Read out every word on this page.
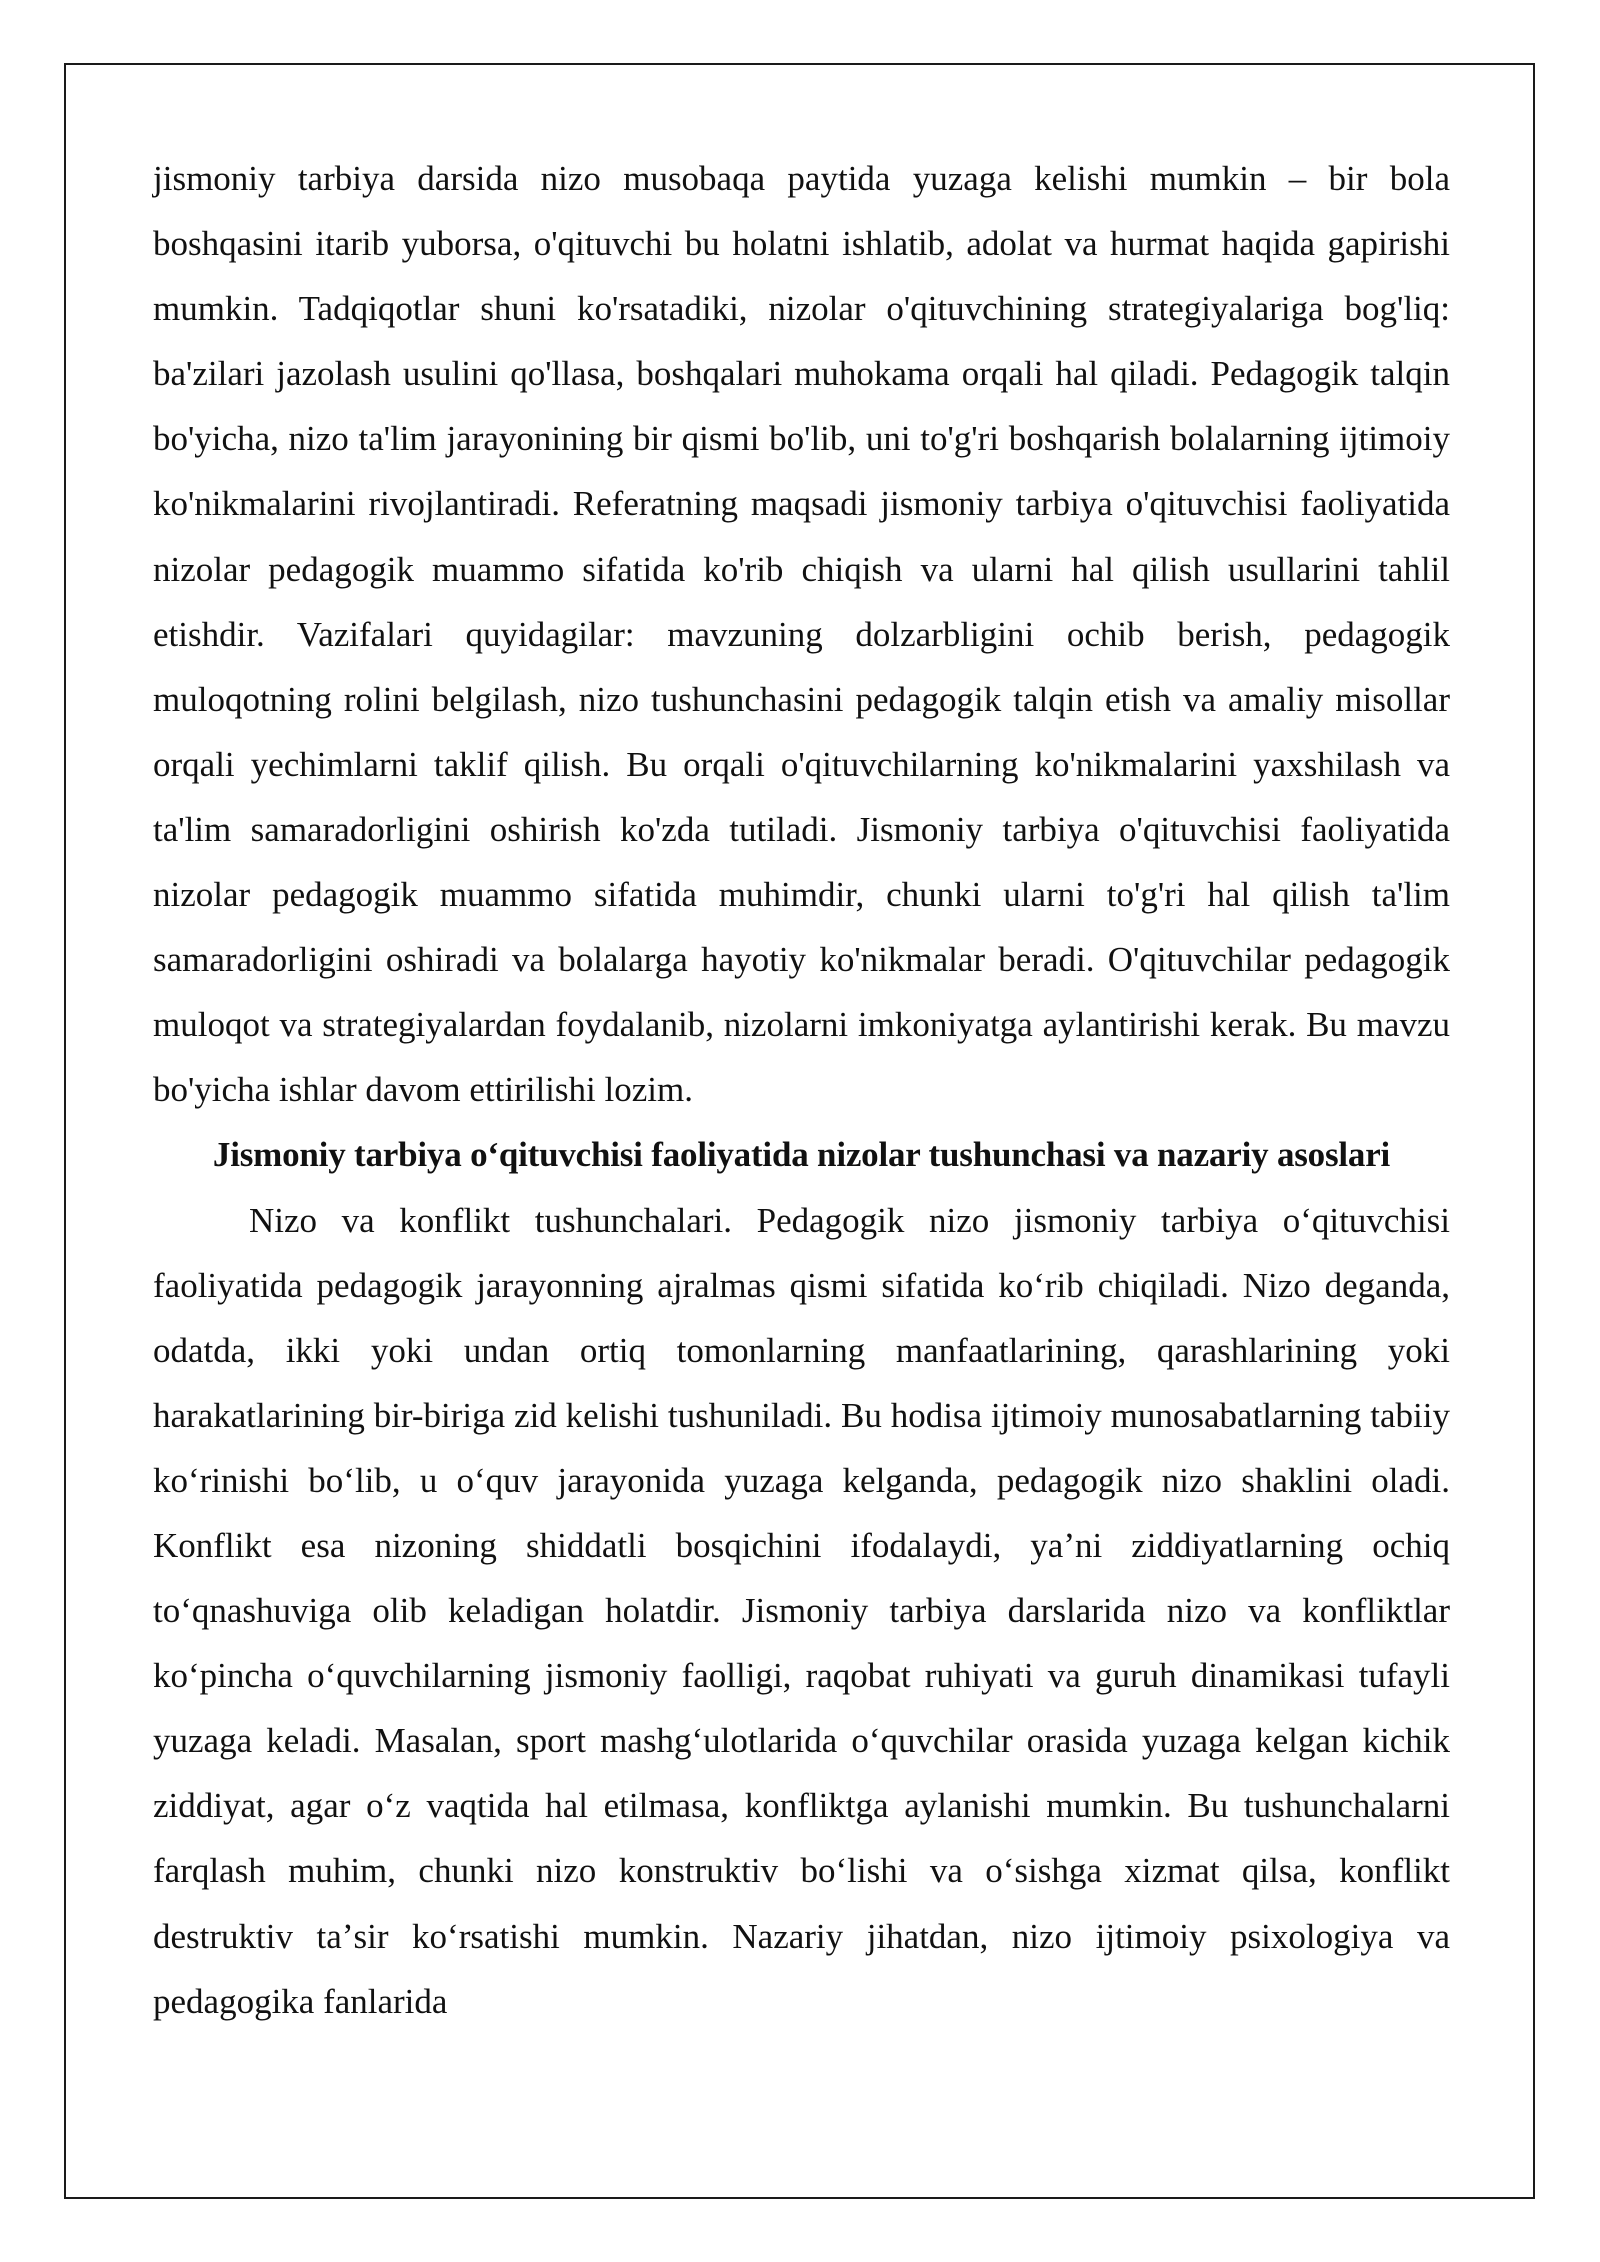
jismoniy tarbiya darsida nizo musobaqa paytida yuzaga kelishi mumkin – bir bola boshqasini itarib yuborsa, o'qituvchi bu holatni ishlatib, adolat va hurmat haqida gapirishi mumkin. Tadqiqotlar shuni ko'rsatadiki, nizolar o'qituvchining strategiyalariga bog'liq: ba'zilari jazolash usulini qo'llasa, boshqalari muhokama orqali hal qiladi. Pedagogik talqin bo'yicha, nizo ta'lim jarayonining bir qismi bo'lib, uni to'g'ri boshqarish bolalarning ijtimoiy ko'nikmalarini rivojlantiradi. Referatning maqsadi jismoniy tarbiya o'qituvchisi faoliyatida nizolar pedagogik muammo sifatida ko'rib chiqish va ularni hal qilish usullarini tahlil etishdir. Vazifalari quyidagilar: mavzuning dolzarbligini ochib berish, pedagogik muloqotning rolini belgilash, nizo tushunchasini pedagogik talqin etish va amaliy misollar orqali yechimlarni taklif qilish. Bu orqali o'qituvchilarning ko'nikmalarini yaxshilash va ta'lim samaradorligini oshirish ko'zda tutiladi. Jismoniy tarbiya o'qituvchisi faoliyatida nizolar pedagogik muammo sifatida muhimdir, chunki ularni to'g'ri hal qilish ta'lim samaradorligini oshiradi va bolalarga hayotiy ko'nikmalar beradi. O'qituvchilar pedagogik muloqot va strategiyalardan foydalanib, nizolarni imkoniyatga aylantirishi kerak. Bu mavzu bo'yicha ishlar davom ettirilishi lozim.

Jismoniy tarbiya oʻqituvchisi faoliyatida nizolar tushunchasi va nazariy asoslari

Nizo va konflikt tushunchalari. Pedagogik nizo jismoniy tarbiya oʻqituvchisi faoliyatida pedagogik jarayonning ajralmas qismi sifatida koʻrib chiqiladi. Nizo deganda, odatda, ikki yoki undan ortiq tomonlarning manfaatlarining, qarashlarining yoki harakatlarining bir-biriga zid kelishi tushuniladi. Bu hodisa ijtimoiy munosabatlarning tabiiy koʻrinishi boʻlib, u oʻquv jarayonida yuzaga kelganda, pedagogik nizo shaklini oladi. Konflikt esa nizoning shiddatli bosqichini ifodalaydi, yaʼni ziddiyatlarning ochiq toʻqnashuviga olib keladigan holatdir. Jismoniy tarbiya darslarida nizo va konfliktlar koʻpincha oʻquvchilarning jismoniy faolligi, raqobat ruhiyati va guruh dinamikasi tufayli yuzaga keladi. Masalan, sport mashgʻulotlarida oʻquvchilar orasida yuzaga kelgan kichik ziddiyat, agar oʻz vaqtida hal etilmasa, konfliktga aylanishi mumkin. Bu tushunchalarni farqlash muhim, chunki nizo konstruktiv boʻlishi va oʻsishga xizmat qilsa, konflikt destruktiv taʼsir koʻrsatishi mumkin. Nazariy jihatdan, nizo ijtimoiy psixologiya va pedagogika fanlarida
